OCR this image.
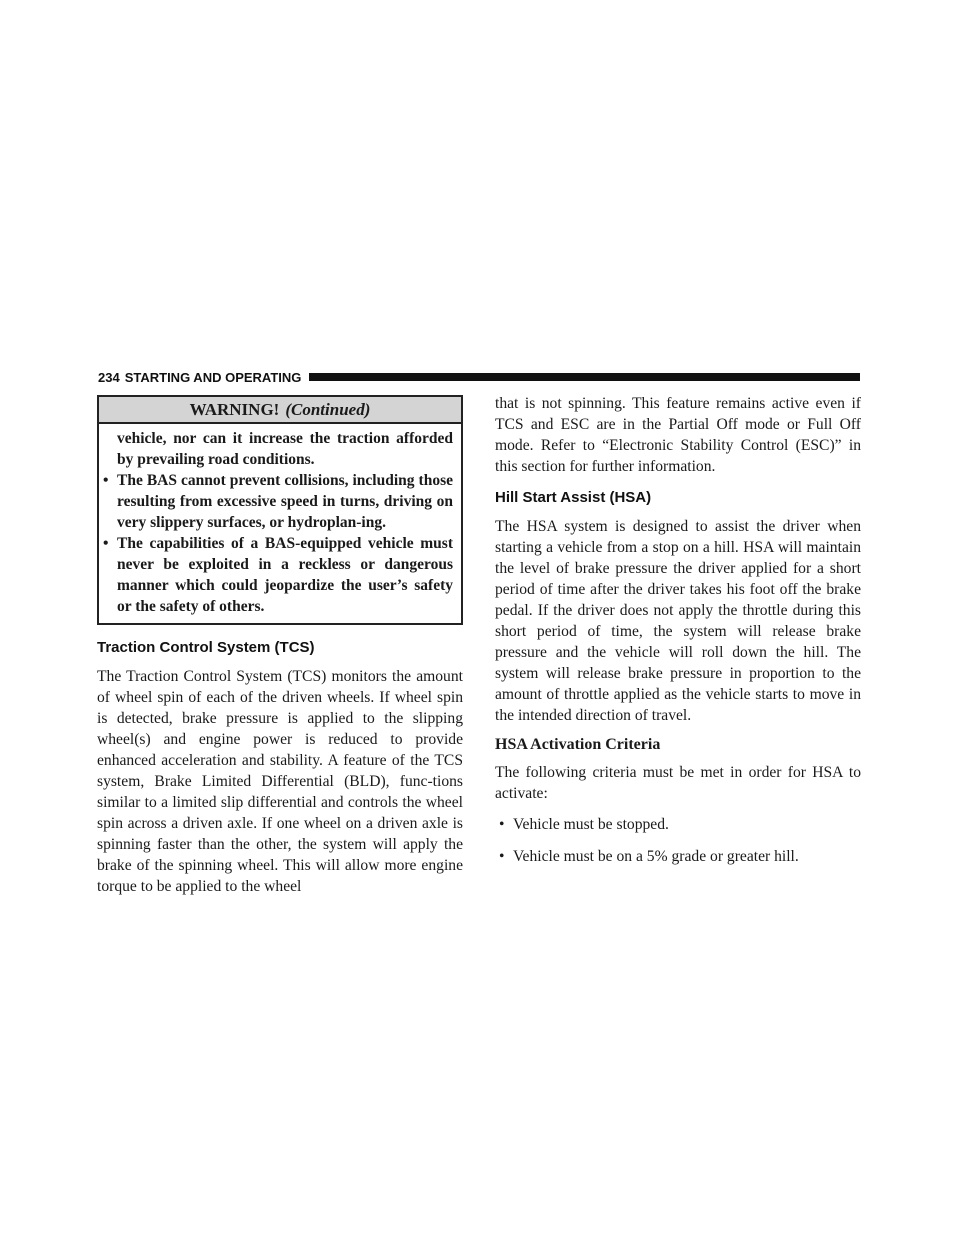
234 STARTING AND OPERATING
WARNING! (Continued)

vehicle, nor can it increase the traction afforded by prevailing road conditions.

• The BAS cannot prevent collisions, including those resulting from excessive speed in turns, driving on very slippery surfaces, or hydroplan-ing.
• The capabilities of a BAS-equipped vehicle must never be exploited in a reckless or dangerous manner which could jeopardize the user’s safety or the safety of others.
Traction Control System (TCS)

The Traction Control System (TCS) monitors the amount of wheel spin of each of the driven wheels. If wheel spin is detected, brake pressure is applied to the slipping wheel(s) and engine power is reduced to provide enhanced acceleration and stability. A feature of the TCS system, Brake Limited Differential (BLD), func-tions similar to a limited slip differential and controls the wheel spin across a driven axle. If one wheel on a driven axle is spinning faster than the other, the system will apply the brake of the spinning wheel. This will allow more engine torque to be applied to the wheel

that is not spinning. This feature remains active even if TCS and ESC are in the Partial Off mode or Full Off mode. Refer to “Electronic Stability Control (ESC)” in this section for further information.

Hill Start Assist (HSA)

The HSA system is designed to assist the driver when starting a vehicle from a stop on a hill. HSA will maintain the level of brake pressure the driver applied for a short period of time after the driver takes his foot off the brake pedal. If the driver does not apply the throttle during this short period of time, the system will release brake pressure and the vehicle will roll down the hill. The system will release brake pressure in proportion to the amount of throttle applied as the vehicle starts to move in the intended direction of travel.

HSA Activation Criteria

The following criteria must be met in order for HSA to activate:

• Vehicle must be stopped.
• Vehicle must be on a 5% grade or greater hill.
